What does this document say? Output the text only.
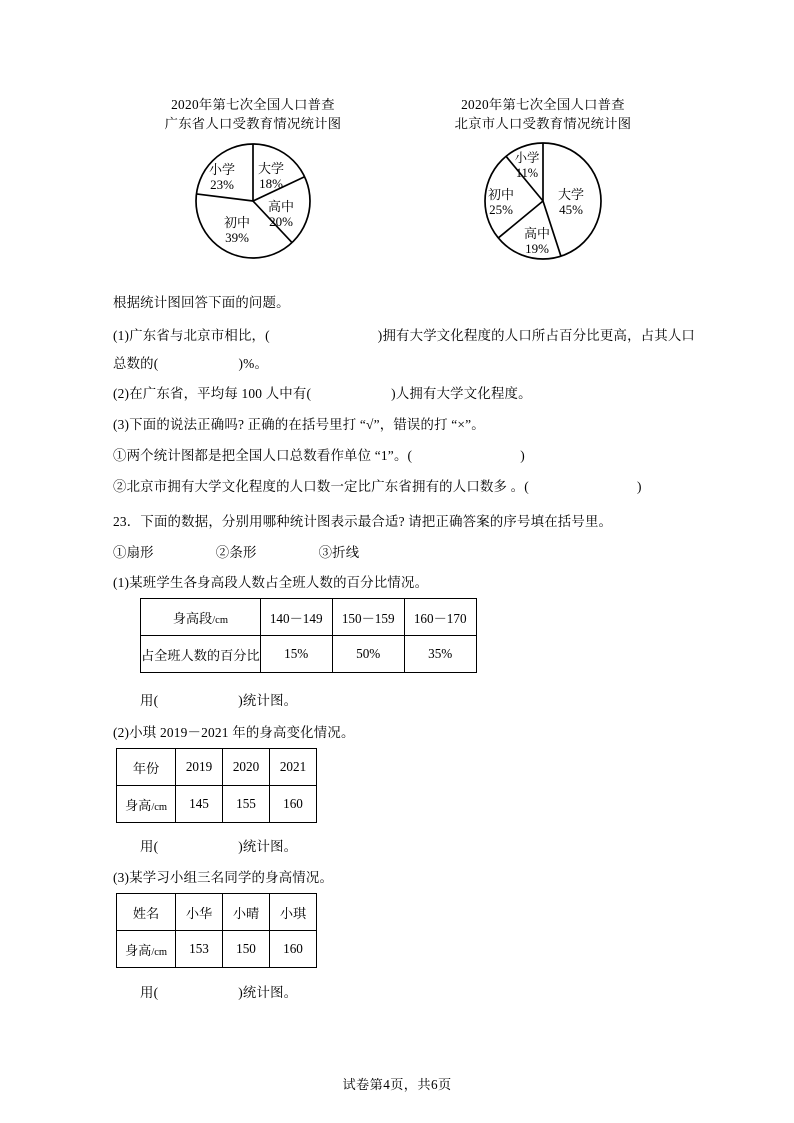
2020年第七次全国人口普查
广东省人口受教育情况统计图
大学
18%
高中
20%
初中
39%
小学
23%
2020年第七次全国人口普查
北京市人口受教育情况统计图
大学
45%
高中
19%
初中
25%
小学
11%
根据统计图回答下面的问题。
(1)广东省与北京市相比，(	)拥有大学文化程度的人口所占百分比更高，占其人口
总数的(	)%。
(2)在广东省，平均每 100 人中有(	)人拥有大学文化程度。
(3)下面的说法正确吗? 正确的在括号里打 “√”，错误的打 “×”。
①两个统计图都是把全国人口总数看作单位 “1”。(	)
②北京市拥有大学文化程度的人口数一定比广东省拥有的人口数多 。(	)
23．下面的数据，分别用哪种统计图表示最合适? 请把正确答案的序号填在括号里。
①扇形	②条形	③折线
(1)某班学生各身高段人数占全班人数的百分比情况。
身高段/cm	140－149	150－159	160－170
占全班人数的百分比	15%	50%	35%
用(	)统计图。
(2)小琪 2019－2021 年的身高变化情况。
年份	2019	2020	2021
身高/cm	145	155	160
用(	)统计图。
(3)某学习小组三名同学的身高情况。
姓名	小华	小晴	小琪
身高/cm	153	150	160
用(	)统计图。
试卷第4页，共6页
